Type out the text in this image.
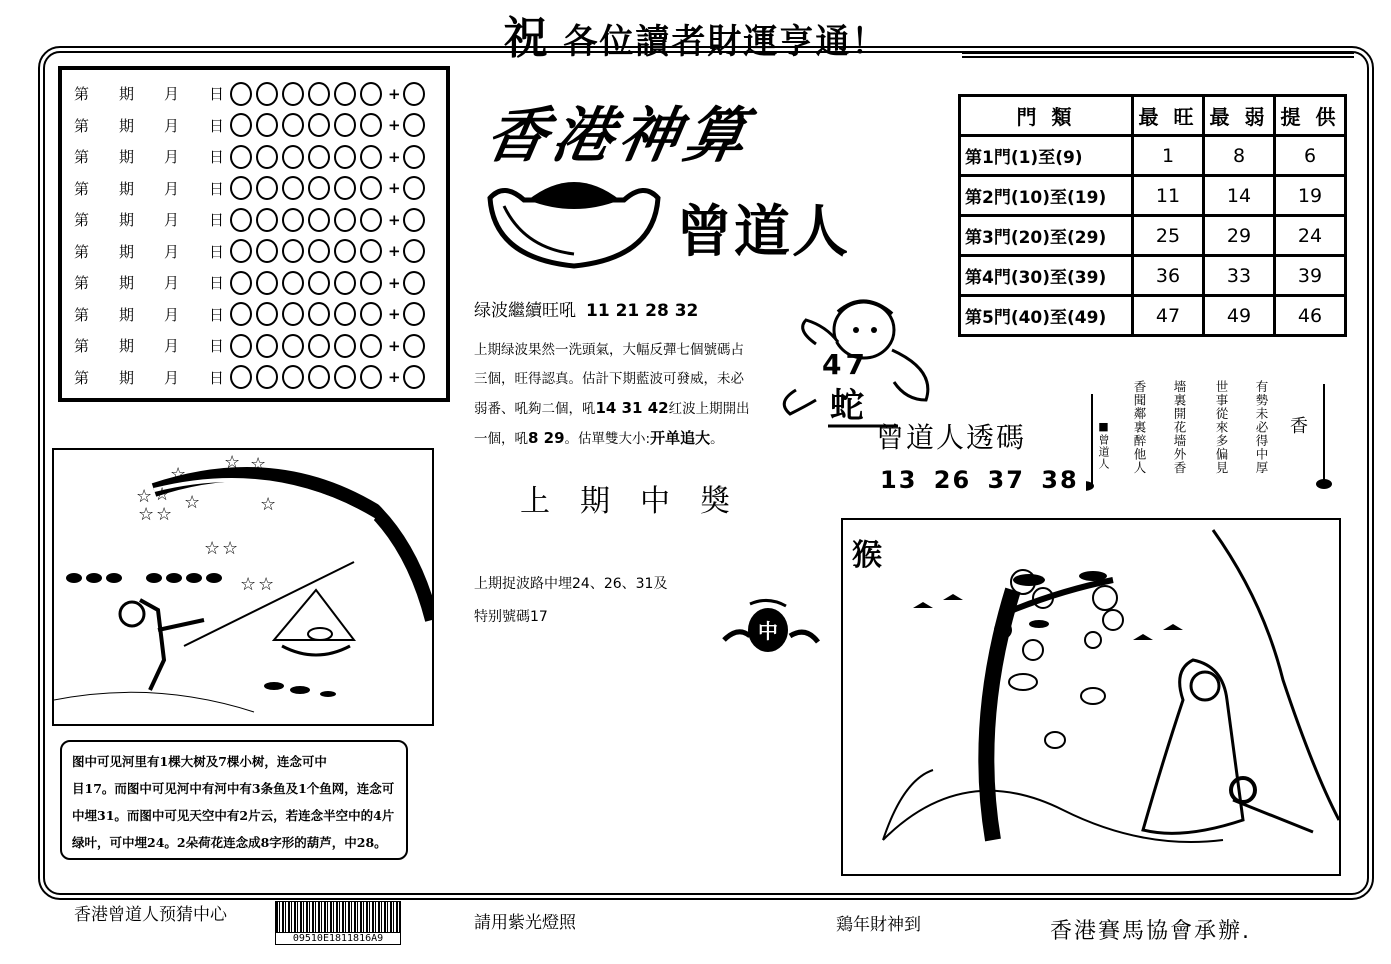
祝 各位讀者財運亨通！
第 期 月 日	+
第 期 月 日	+
第 期 月 日	+
第 期 月 日	+
第 期 月 日	+
第 期 月 日	+
第 期 月 日	+
第 期 月 日	+
第 期 月 日	+
第 期 月 日	+
香港神算
曾道人
绿波繼續旺吼 11 21 28 32
上期绿波果然一洗頭氣，大幅反彈七個號碼占
三個，旺得認真。估計下期藍波可發威，未必
弱番、吼夠二個，吼14 31 42红波上期開出
一個，吼8 29。估單雙大小:开单追大。
上期中奬
上期捉波路中埋24、26、31及
特别號碼17
門 類	最 旺	最 弱	提 供
第1門(1)至(9)	1	8	6
第2門(10)至(19)	11	14	19
第3門(20)至(29)	25	29	24
第4門(30)至(39)	36	33	39
第5門(40)至(49)	47	49	46
47
蛇
曾道人透碼
13 26 37 38
香
有勢未必得中厚
世事從來多偏見
墻裏開花墻外香
香聞鄰裏醉他人
■曾道人
☆
☆ ☆
☆ ☆ ☆
☆ ☆	☆
☆ ☆
☆ ☆
中
猴
图中可见河里有1棵大树及7棵小树，连念可中
目17。而图中可见河中有河中有3条鱼及1个鱼网，连念可
中埋31。而图中可见天空中有2片云，若连念半空中的4片
绿叶，可中埋24。2朵荷花连念成8字形的葫芦，中28。
香港曾道人预猜中心
09510E1811816A9
請用紫光燈照	鶏年財神到	香港賽馬協會承辦.
